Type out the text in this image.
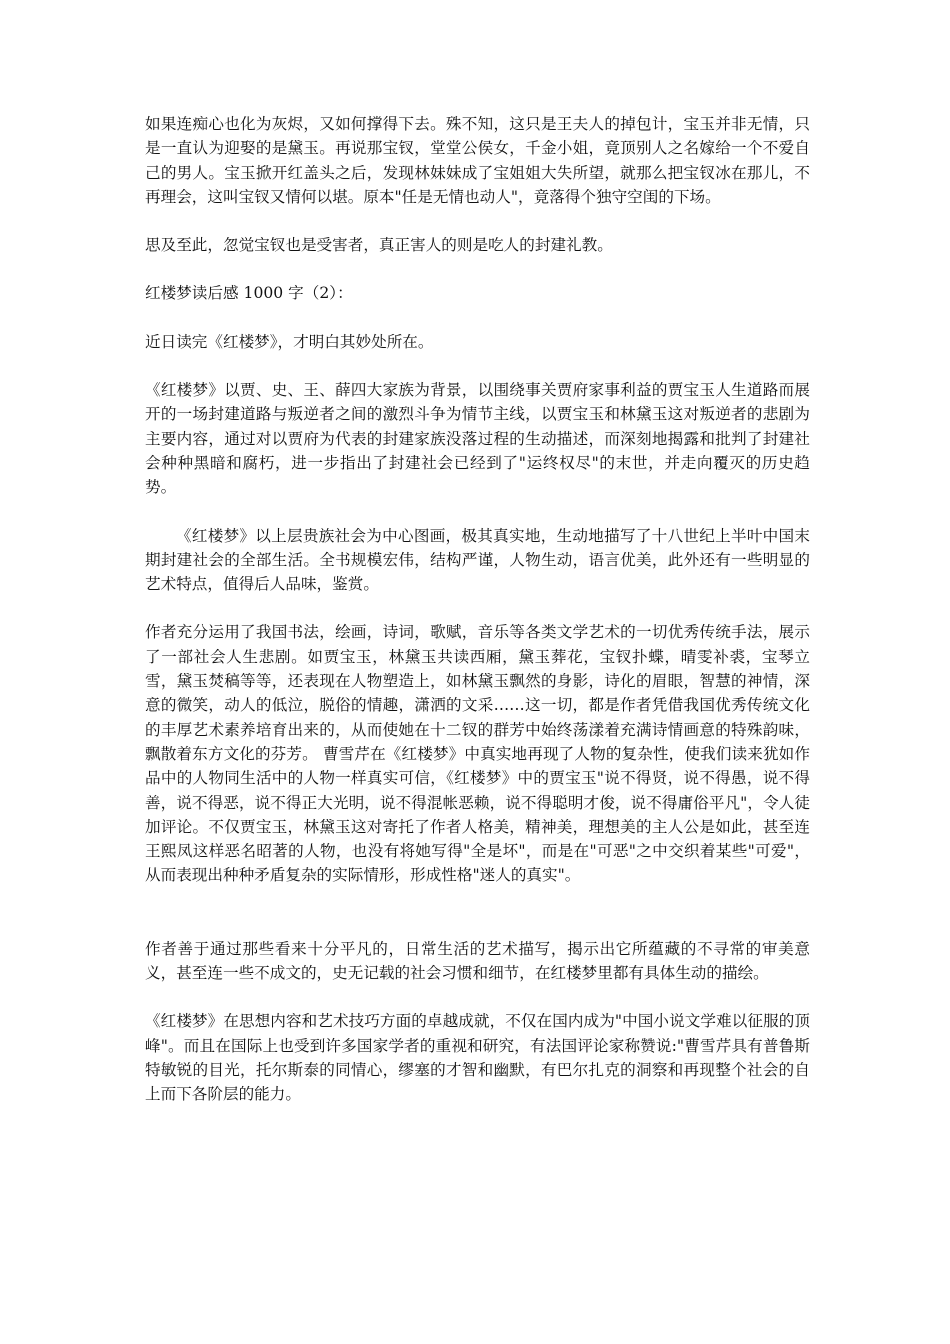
如果连痴心也化为灰烬，又如何撑得下去。殊不知，这只是王夫人的掉包计，宝玉并非无情，只是一直认为迎娶的是黛玉。再说那宝钗，堂堂公侯女，千金小姐，竟顶别人之名嫁给一个不爱自己的男人。宝玉掀开红盖头之后，发现林妹妹成了宝姐姐大失所望，就那么把宝钗冰在那儿，不再理会，这叫宝钗又情何以堪。原本"任是无情也动人"，竟落得个独守空闺的下场。

思及至此，忽觉宝钗也是受害者，真正害人的则是吃人的封建礼教。

红楼梦读后感 1000 字（2）：

近日读完《红楼梦》，才明白其妙处所在。

《红楼梦》以贾、史、王、薛四大家族为背景，以围绕事关贾府家事利益的贾宝玉人生道路而展开的一场封建道路与叛逆者之间的激烈斗争为情节主线，以贾宝玉和林黛玉这对叛逆者的悲剧为主要内容，通过对以贾府为代表的封建家族没落过程的生动描述，而深刻地揭露和批判了封建社会种种黑暗和腐朽，进一步指出了封建社会已经到了"运终权尽"的末世，并走向覆灭的历史趋势。

《红楼梦》以上层贵族社会为中心图画，极其真实地，生动地描写了十八世纪上半叶中国末期封建社会的全部生活。全书规模宏伟，结构严谨，人物生动，语言优美，此外还有一些明显的艺术特点，值得后人品味，鉴赏。

作者充分运用了我国书法，绘画，诗词，歌赋，音乐等各类文学艺术的一切优秀传统手法，展示了一部社会人生悲剧。如贾宝玉，林黛玉共读西厢，黛玉葬花，宝钗扑蝶，晴雯补裘，宝琴立雪，黛玉焚稿等等，还表现在人物塑造上，如林黛玉飘然的身影，诗化的眉眼，智慧的神情，深意的微笑，动人的低泣，脱俗的情趣，潇洒的文采……这一切，都是作者凭借我国优秀传统文化的丰厚艺术素养培育出来的，从而使她在十二钗的群芳中始终荡漾着充满诗情画意的特殊韵味，飘散着东方文化的芬芳。 曹雪芹在《红楼梦》中真实地再现了人物的复杂性，使我们读来犹如作品中的人物同生活中的人物一样真实可信，《红楼梦》中的贾宝玉"说不得贤，说不得愚，说不得善，说不得恶，说不得正大光明，说不得混帐恶赖，说不得聪明才俊，说不得庸俗平凡"，令人徒加评论。不仅贾宝玉，林黛玉这对寄托了作者人格美，精神美，理想美的主人公是如此，甚至连王熙凤这样恶名昭著的人物，也没有将她写得"全是坏"，而是在"可恶"之中交织着某些"可爱"，从而表现出种种矛盾复杂的实际情形，形成性格"迷人的真实"。

作者善于通过那些看来十分平凡的，日常生活的艺术描写，揭示出它所蕴藏的不寻常的审美意义，甚至连一些不成文的，史无记载的社会习惯和细节，在红楼梦里都有具体生动的描绘。

《红楼梦》在思想内容和艺术技巧方面的卓越成就，不仅在国内成为"中国小说文学难以征服的顶峰"。而且在国际上也受到许多国家学者的重视和研究，有法国评论家称赞说:"曹雪芹具有普鲁斯特敏锐的目光，托尔斯泰的同情心，缪塞的才智和幽默，有巴尔扎克的洞察和再现整个社会的自上而下各阶层的能力。
